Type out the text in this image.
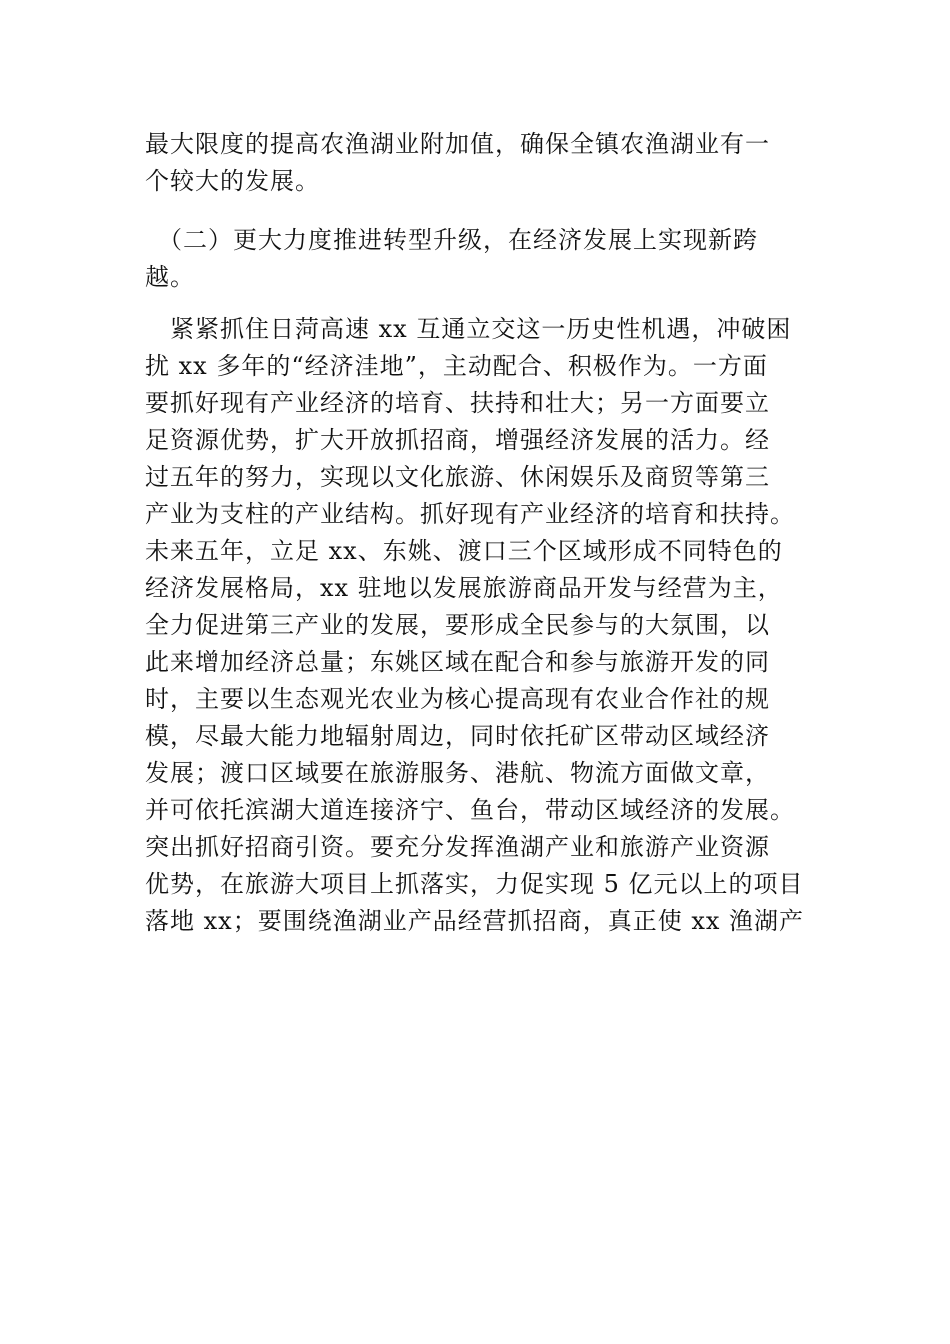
最大限度的提高农渔湖业附加值，确保全镇农渔湖业有一
个较大的发展。
　（二）更大力度推进转型升级，在经济发展上实现新跨
越。
　紧紧抓住日菏高速 xx 互通立交这一历史性机遇，冲破困
扰 xx 多年的“经济洼地”，主动配合、积极作为。一方面
要抓好现有产业经济的培育、扶持和壮大；另一方面要立
足资源优势，扩大开放抓招商，增强经济发展的活力。经
过五年的努力，实现以文化旅游、休闲娱乐及商贸等第三
产业为支柱的产业结构。抓好现有产业经济的培育和扶持。
未来五年，立足 xx、东姚、渡口三个区域形成不同特色的
经济发展格局，xx 驻地以发展旅游商品开发与经营为主，
全力促进第三产业的发展，要形成全民参与的大氛围，以
此来增加经济总量；东姚区域在配合和参与旅游开发的同
时，主要以生态观光农业为核心提高现有农业合作社的规
模，尽最大能力地辐射周边，同时依托矿区带动区域经济
发展；渡口区域要在旅游服务、港航、物流方面做文章，
并可依托滨湖大道连接济宁、鱼台，带动区域经济的发展。
突出抓好招商引资。要充分发挥渔湖产业和旅游产业资源
优势，在旅游大项目上抓落实，力促实现 5 亿元以上的项目
落地 xx；要围绕渔湖业产品经营抓招商，真正使 xx 渔湖产
